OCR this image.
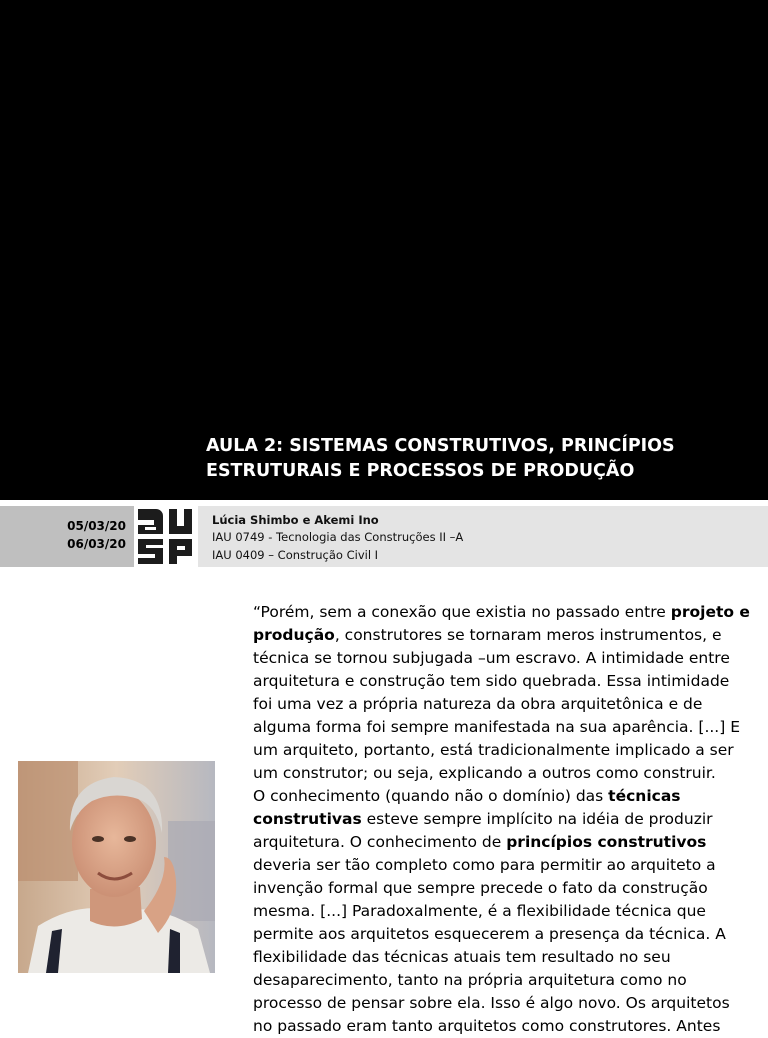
AULA 2: SISTEMAS CONSTRUTIVOS, PRINCÍPIOS
ESTRUTURAIS E PROCESSOS DE PRODUÇÃO
05/03/20
06/03/20
Lúcia Shimbo e Akemi Ino
IAU 0749 - Tecnologia das Construções II –A
IAU 0409 – Construção Civil I
“Porém, sem a conexão que existia no passado entre projeto e
produção, construtores se tornaram meros instrumentos, e
técnica se tornou subjugada –um escravo. A intimidade entre
arquitetura e construção tem sido quebrada. Essa intimidade
foi uma vez a própria natureza da obra arquitetônica e de
alguma forma foi sempre manifestada na sua aparência. [...] E
um arquiteto, portanto, está tradicionalmente implicado a ser
um construtor; ou seja, explicando a outros como construir.
O conhecimento (quando não o domínio) das técnicas
construtivas esteve sempre implícito na idéia de produzir
arquitetura. O conhecimento de princípios construtivos
deveria ser tão completo como para permitir ao arquiteto a
invenção formal que sempre precede o fato da construção
mesma. [...] Paradoxalmente, é a flexibilidade técnica que
permite aos arquitetos esquecerem a presença da técnica. A
flexibilidade das técnicas atuais tem resultado no seu
desaparecimento, tanto na própria arquitetura como no
processo de pensar sobre ela. Isso é algo novo. Os arquitetos
no passado eram tanto arquitetos como construtores. Antes
